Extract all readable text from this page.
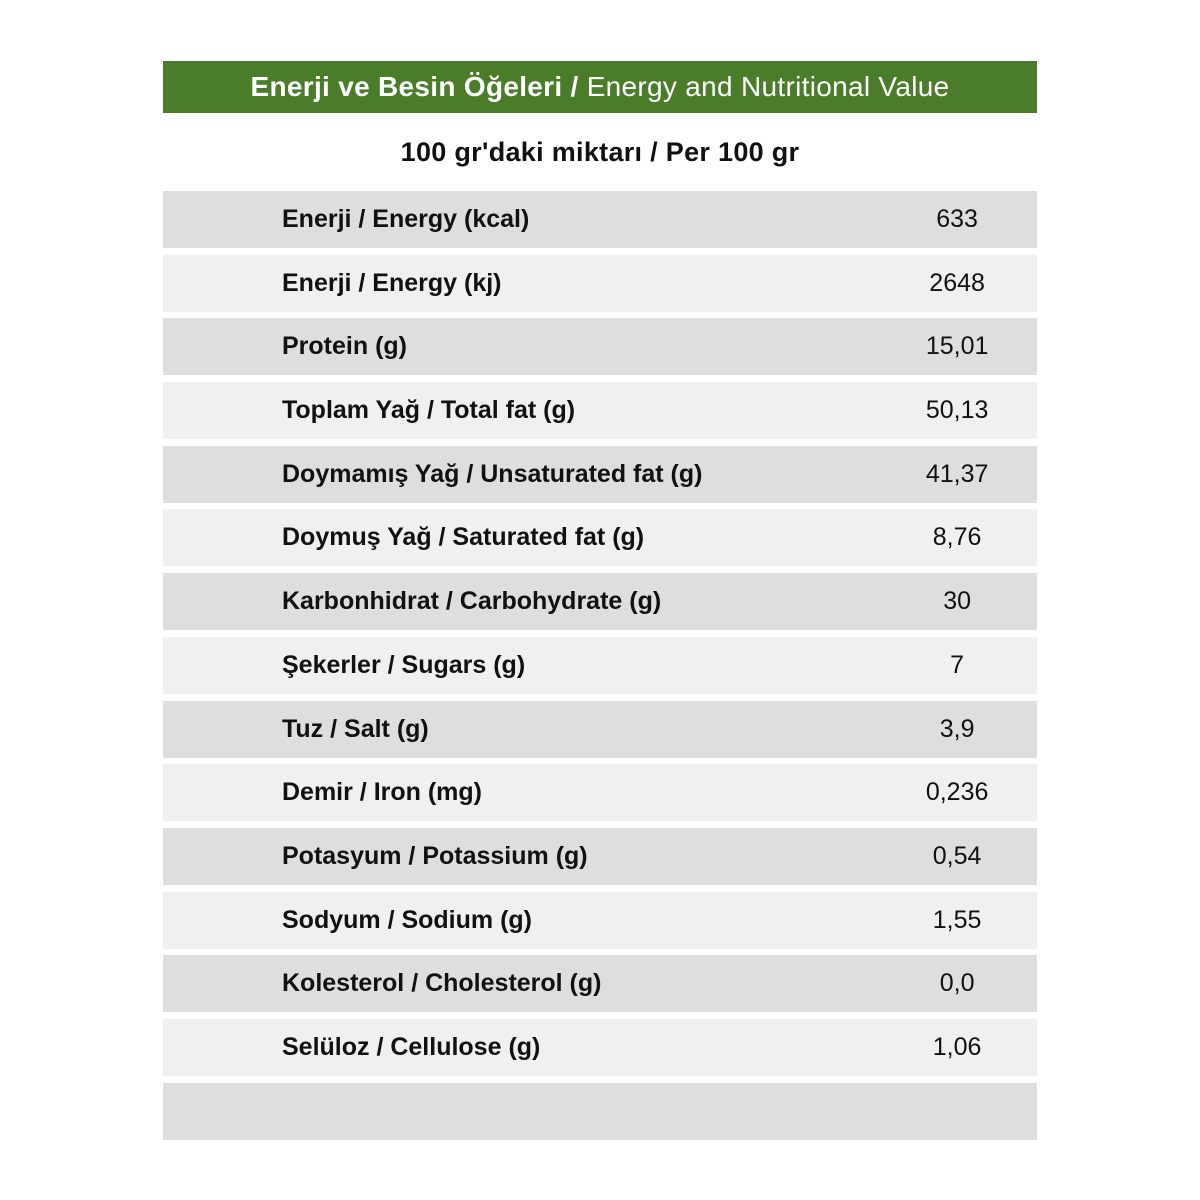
Enerji ve Besin Öğeleri /
Energy and Nutritional Value
100 gr'daki miktarı / Per 100 gr
Enerji / Energy (kcal)	633
Enerji / Energy (kj)	2648
Protein (g)	15,01
Toplam Yağ / Total fat (g)	50,13
Doymamış Yağ / Unsaturated fat (g)	41,37
Doymuş Yağ / Saturated fat (g)	8,76
Karbonhidrat / Carbohydrate (g)	30
Şekerler / Sugars (g)	7
Tuz / Salt (g)	3,9
Demir / Iron (mg)	0,236
Potasyum / Potassium (g)	0,54
Sodyum / Sodium (g)	1,55
Kolesterol / Cholesterol (g)	0,0
Selüloz / Cellulose (g)	1,06
